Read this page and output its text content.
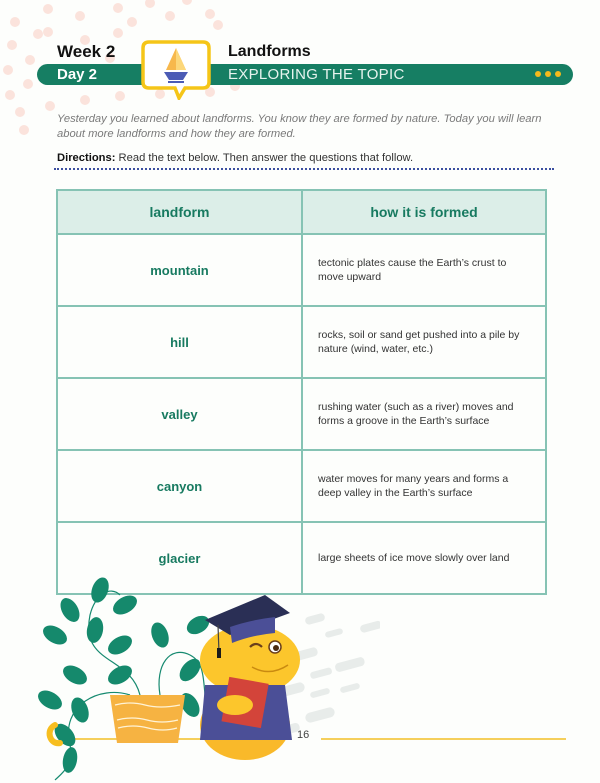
Week 2	Landforms
Day 2	EXPLORING THE TOPIC
Yesterday you learned about landforms. You know they are formed by nature. Today you will learn about more landforms and how they are formed.
Directions: Read the text below. Then answer the questions that follow.
landform	how it is formed
mountain	tectonic plates cause the Earth’s crust to move upward
hill	rocks, soil or sand get pushed into a pile by nature (wind, water, etc.)
valley	rushing water (such as a river) moves and forms a groove in the Earth’s surface
canyon	water moves for many years and forms a deep valley in the Earth’s surface
glacier	large sheets of ice move slowly over land
16
